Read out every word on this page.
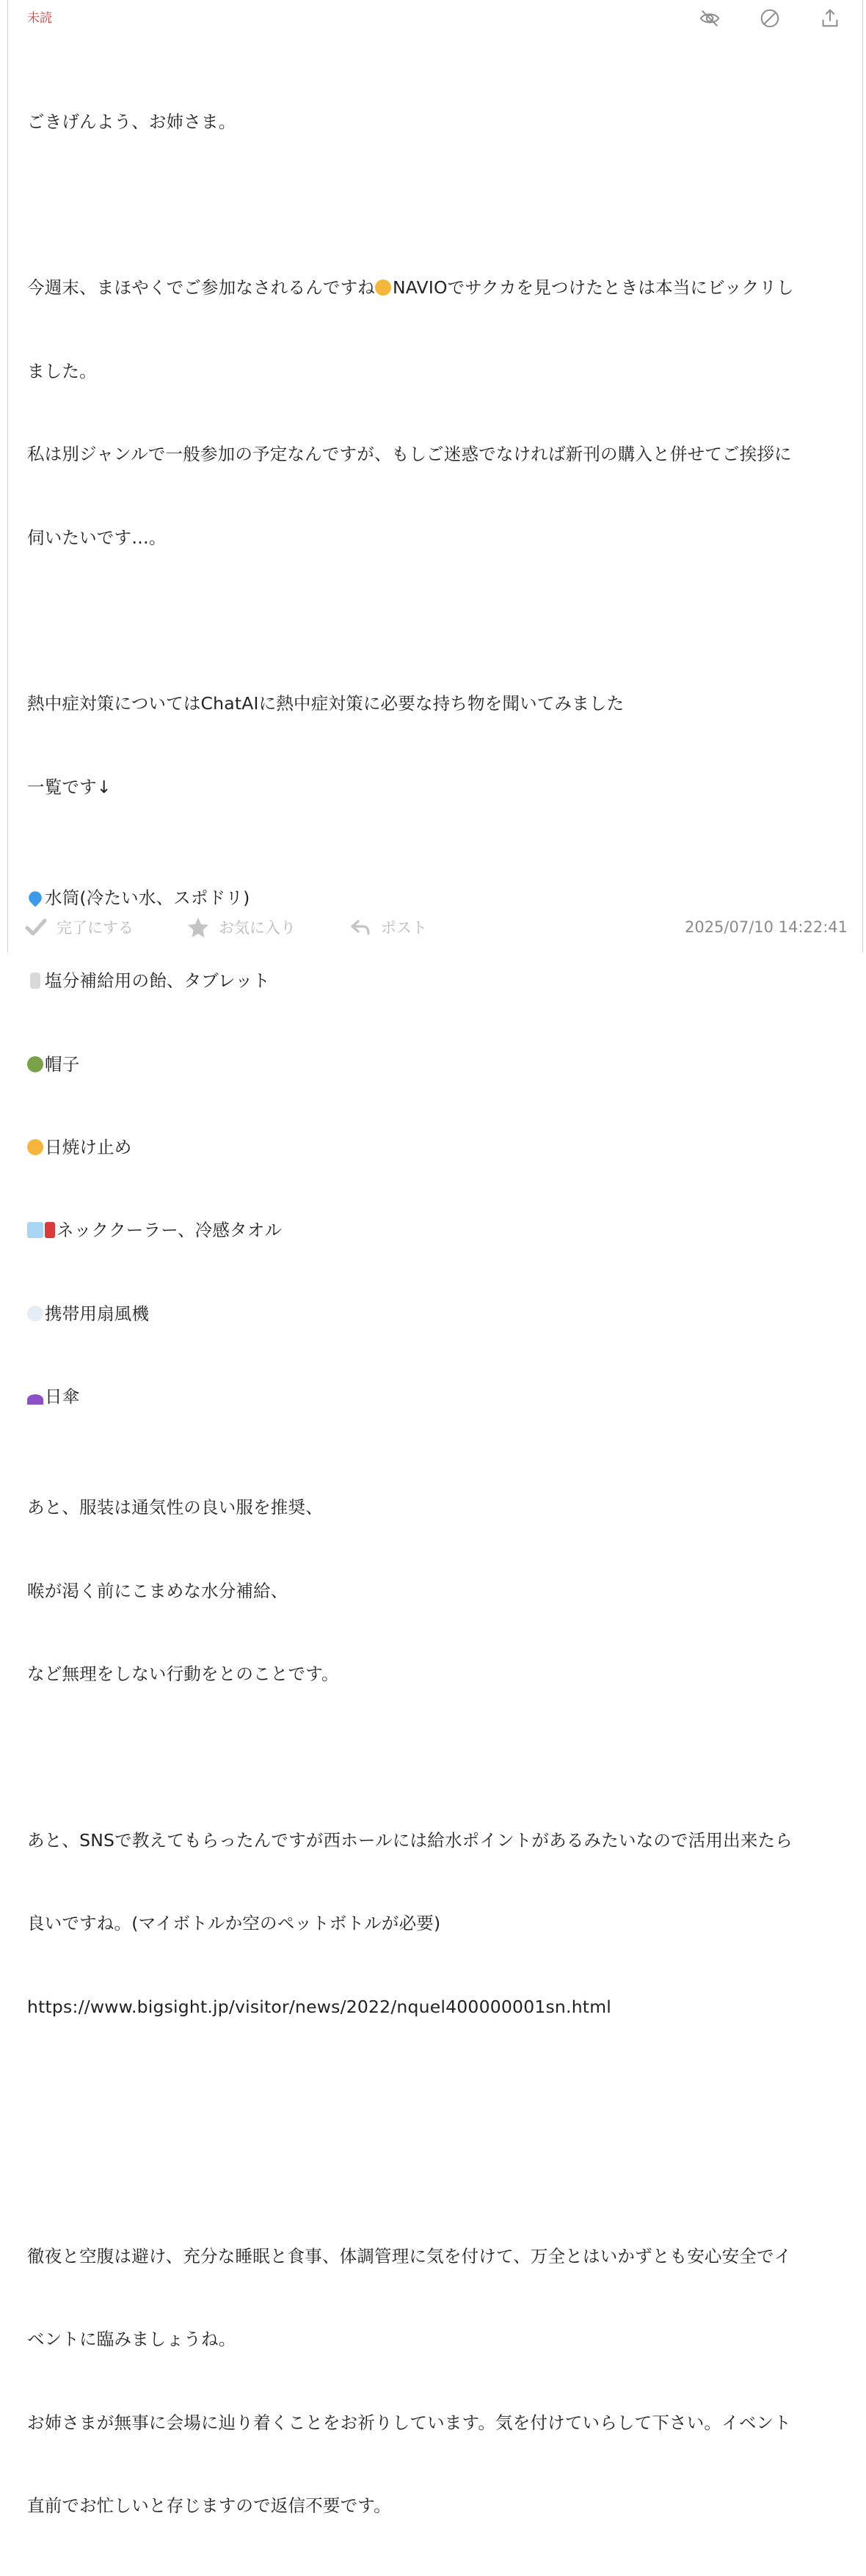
未読

ごきげんよう、お姉さま。

今週末、まほやくでご参加なされるんですね NAVIOでサクカを見つけたときは本当にビックリし

ました。

私は別ジャンルで一般参加の予定なんですが、もしご迷惑でなければ新刊の購入と併せてご挨拶に

伺いたいです…。

熱中症対策についてはChatAIに熱中症対策に必要な持ち物を聞いてみました

一覧です↓

水筒(冷たい水、スポドリ)

塩分補給用の飴、タブレット

帽子

日焼け止め

ネッククーラー、冷感タオル

携帯用扇風機

日傘

あと、服装は通気性の良い服を推奨、

喉が渇く前にこまめな水分補給、

など無理をしない行動をとのことです。

あと、SNSで教えてもらったんですが西ホールには給水ポイントがあるみたいなので活用出来たら

良いですね。(マイボトルか空のペットボトルが必要)

https://www.bigsight.jp/visitor/news/2022/nquel400000001sn.html

徹夜と空腹は避け、充分な睡眠と食事、体調管理に気を付けて、万全とはいかずとも安心安全でイ

ベントに臨みましょうね。

お姉さまが無事に会場に辿り着くことをお祈りしています。気を付けていらして下さい。イベント

直前でお忙しいと存じますので返信不要です。

完了にする	お気に入り	ポスト	2025/07/10 14:22:41
